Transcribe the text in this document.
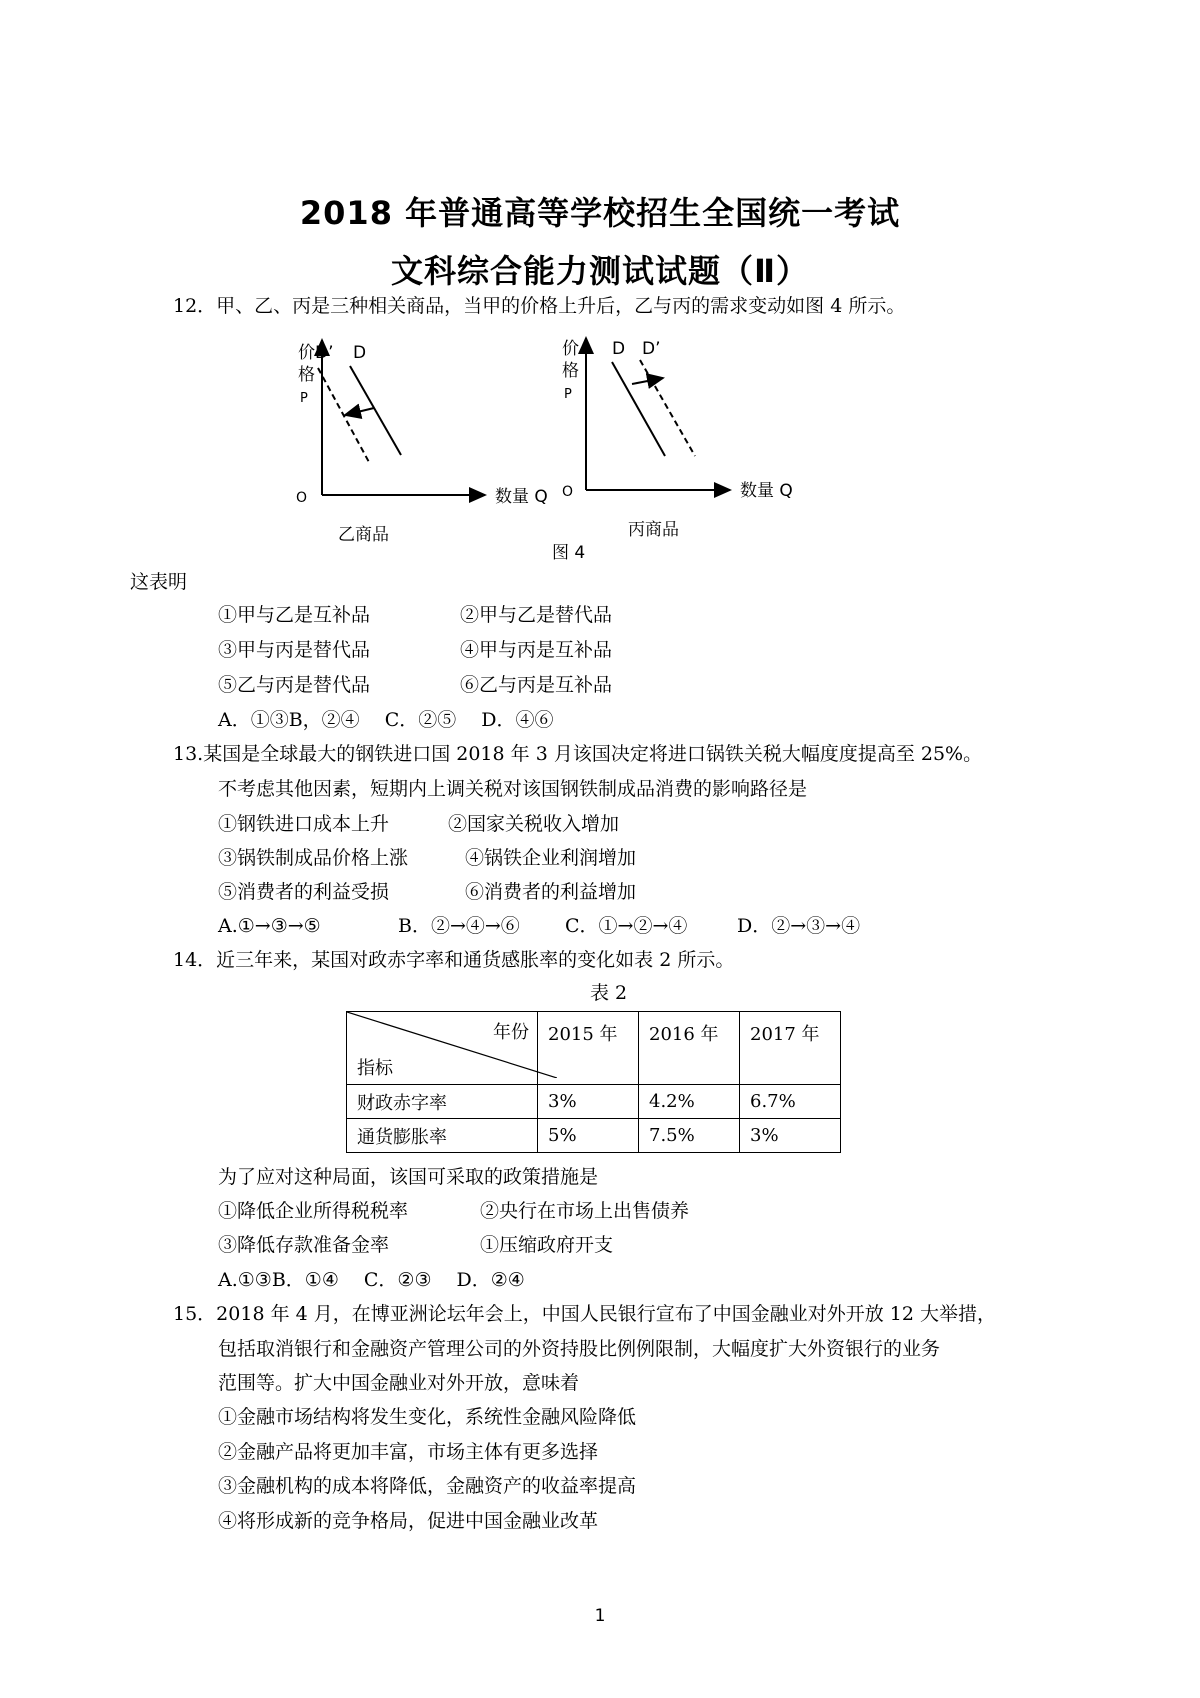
2018 年普通高等学校招生全国统一考试
文科综合能力测试试题（Ⅱ）
12．甲、乙、丙是三种相关商品，当甲的价格上升后，乙与丙的需求变动如图 4 所示。
价
格
P
O	数量 Q
D’ D
乙商品
价
格
P
O	数量 Q
D D’
丙商品
图 4
这表明
①甲与乙是互补品	②甲与乙是替代品
③甲与丙是替代品	④甲与丙是互补品
⑤乙与丙是替代品	⑥乙与丙是互补品
A．①③B，②④　 C．②⑤　 D．④⑥
13.某国是全球最大的钢铁进口国 2018 年 3 月该国决定将进口锅铁关税大幅度度提高至 25%。
不考虑其他因素，短期内上调关税对该国钢铁制成品消费的影响路径是
①钢铁进口成本上升	②国家关税收入增加
③锅铁制成品价格上涨	④锅铁企业利润增加
⑤消费者的利益受损	⑥消费者的利益增加
A.①→③→⑤	B．②→④→⑥ C．①→②→④	D．②→③→④
14．近三年来，某国对政赤字率和通货感胀率的变化如表 2 所示。
表 2
年份
指标	2015 年	2016 年	2017 年
财政赤字率	3%	4.2%	6.7%
通货膨胀率	5%	7.5%	3%
为了应对这种局面，该国可采取的政策措施是
①降低企业所得税税率	②央行在市场上出售债养
③降低存款准备金率	①压缩政府开支
A.①③B．①④　 C．②③　 D．②④
15．2018 年 4 月，在博亚洲论坛年会上，中国人民银行宣布了中国金融业对外开放 12 大举措，
包括取消银行和金融资产管理公司的外资持股比例例限制，大幅度扩大外资银行的业务
范围等。扩大中国金融业对外开放，意味着
①金融市场结构将发生变化，系统性金融风险降低
②金融产品将更加丰富，市场主体有更多选择
③金融机构的成本将降低，金融资产的收益率提高
④将形成新的竞争格局，促进中国金融业改革
1
